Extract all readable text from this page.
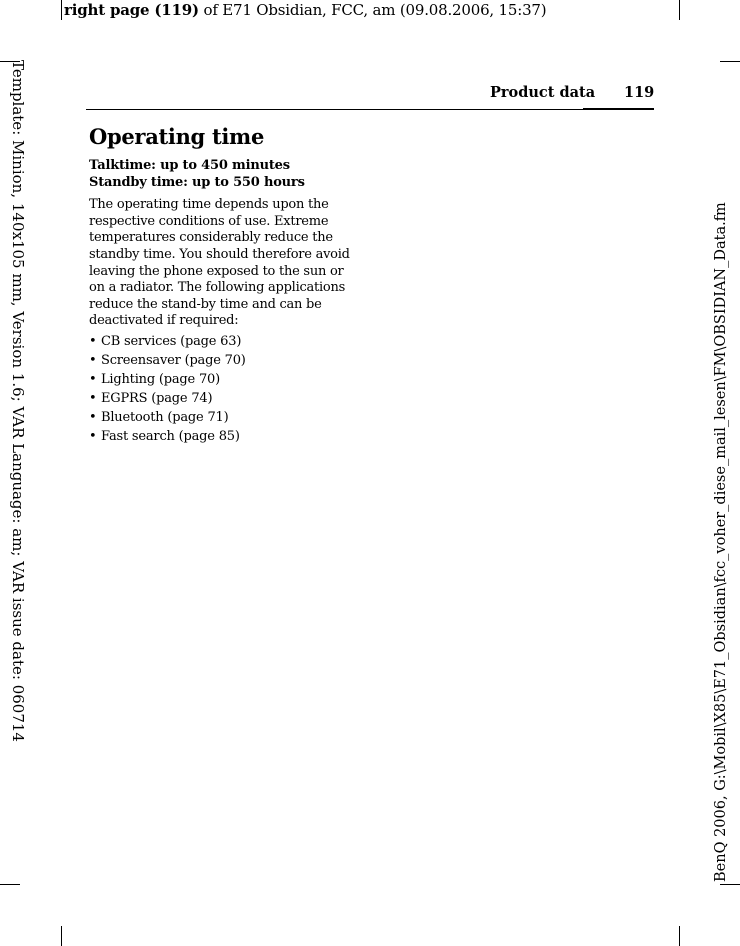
right page (119) of E71 Obsidian, FCC, am (09.08.2006, 15:37)
Template: Minion, 140x105 mm, Version 1.6; VAR Language: am; VAR issue date: 060714	BenQ 2006, G:\Mobil\X85\E71_Obsidian\fcc_voher_diese_mail_lesen\FM\OBSIDIAN_Data.fm
Product data 119
Operating time

Talktime: up to 450 minutes

Standby time: up to 550 hours

The operating time depends upon the respective conditions of use. Extreme temperatures considerably reduce the standby time. You should therefore avoid leaving the phone exposed to the sun or on a radiator. The following applications reduce the stand-by time and can be deactivated if required:

• CB services (page 63)
• Screensaver (page 70)
• Lighting (page 70)
• EGPRS (page 74)
• Bluetooth (page 71)
• Fast search (page 85)
